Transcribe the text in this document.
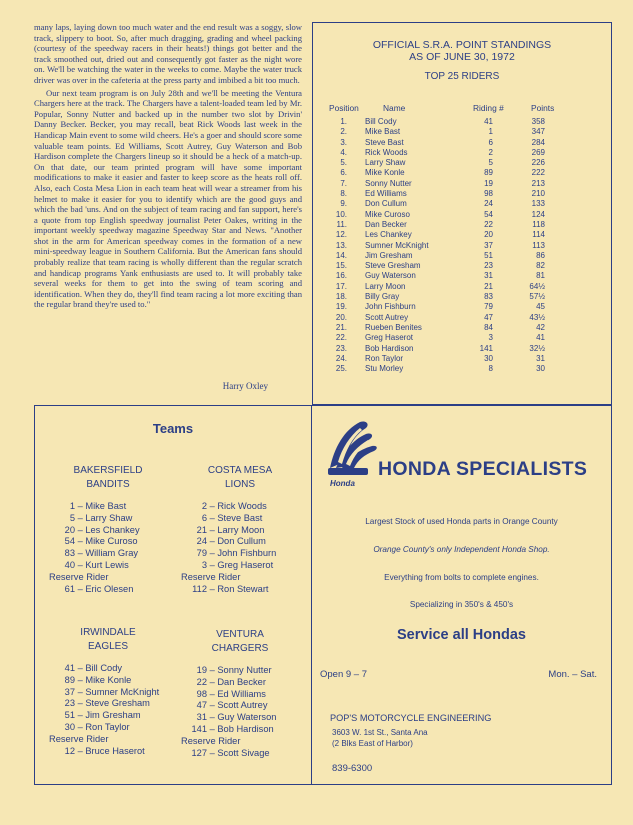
many laps, laying down too much water and the end result was a soggy, slow track, slippery to boot. So, after much dragging, grading and wheel packing (courtesy of the speedway racers in their heats!) things got better and the track smoothed out, dried out and consequently got faster as the night wore on. We'll be watching the water in the weeks to come. Maybe the water truck driver was over in the cafeteria at the press party and imbibed a bit too much.

Our next team program is on July 28th and we'll be meeting the Ventura Chargers here at the track. The Chargers have a talent-loaded team led by Mr. Popular, Sonny Nutter and backed up in the number two slot by Drivin' Danny Becker. Becker, you may recall, beat Rick Woods last week in the Handicap Main event to some wild cheers. He's a goer and should score some valuable team points. Ed Williams, Scott Autrey, Guy Waterson and Bob Hardison complete the Chargers lineup so it should be a heck of a match-up. On that date, our team printed program will have some important modifications to make it easier and faster to keep score as the heats roll off. Also, each Costa Mesa Lion in each team heat will wear a streamer from his helmet to make it easier for you to identify which are the good guys and which the bad 'uns. And on the subject of team racing and fan support, here's a quote from top English speedway journalist Peter Oakes, writing in the important weekly speedway magazine Speedway Star and News. "Another shot in the arm for American speedway comes in the formation of a new mini-speedway league in Southern California. But the American fans should probably realize that team racing is wholly different than the regular scratch and handicap programs Yank enthusiasts are used to. It will probably take several weeks for them to get into the swing of team scoring and identification. When they do, they'll find team racing a lot more exciting than the regular brand they're used to."

Harry Oxley
OFFICIAL S.R.A. POINT STANDINGS
AS OF JUNE 30, 1972
TOP 25 RIDERS
Position	Name	Riding #	Points
1. Bill Cody	41	358
2. Mike Bast	1	347
3. Steve Bast	6	284
4. Rick Woods	2	269
5. Larry Shaw	5	226
6. Mike Konle	89	222
7. Sonny Nutter	19	213
8. Ed Williams	98	210
9. Don Cullum	24	133
10. Mike Curoso	54	124
11. Dan Becker	22	118
12. Les Chankey	20	114
13. Sumner McKnight	37	113
14. Jim Gresham	51	86
15. Steve Gresham	23	82
16. Guy Waterson	31	81
17. Larry Moon	21	64½
18. Billy Gray	83	57½
19. John Fishburn	79	45
20. Scott Autrey	47	43½
21. Rueben Benites	84	42
22. Greg Haserot	3	41
23. Bob Hardison	141	32½
24. Ron Taylor	30	31
25. Stu Morley	8	30
Teams
BAKERSFIELD
BANDITS
1 – Mike Bast
5 – Larry Shaw
20 – Les Chankey
54 – Mike Curoso
83 – William Gray
40 – Kurt Lewis
Reserve Rider
61 – Eric Olesen
COSTA MESA
LIONS
2 – Rick Woods
6 – Steve Bast
21 – Larry Moon
24 – Don Cullum
79 – John Fishburn
3 – Greg Haserot
Reserve Rider
112 – Ron Stewart
IRWINDALE
EAGLES
41 – Bill Cody
89 – Mike Konle
37 – Sumner McKnight
23 – Steve Gresham
51 – Jim Gresham
30 – Ron Taylor
Reserve Rider
12 – Bruce Haserot
VENTURA
CHARGERS
19 – Sonny Nutter
22 – Dan Becker
98 – Ed Williams
47 – Scott Autrey
31 – Guy Waterson
141 – Bob Hardison
Reserve Rider
127 – Scott Sivage
Honda
HONDA SPECIALISTS
Largest Stock of used Honda parts in Orange County
Orange County's only Independent Honda Shop.
Everything from bolts to complete engines.
Specializing in 350's & 450's
Service all Hondas
Open 9 – 7	Mon. – Sat.
POP'S MOTORCYCLE ENGINEERING
3603 W. 1st St., Santa Ana
(2 Blks East of Harbor)
839-6300
